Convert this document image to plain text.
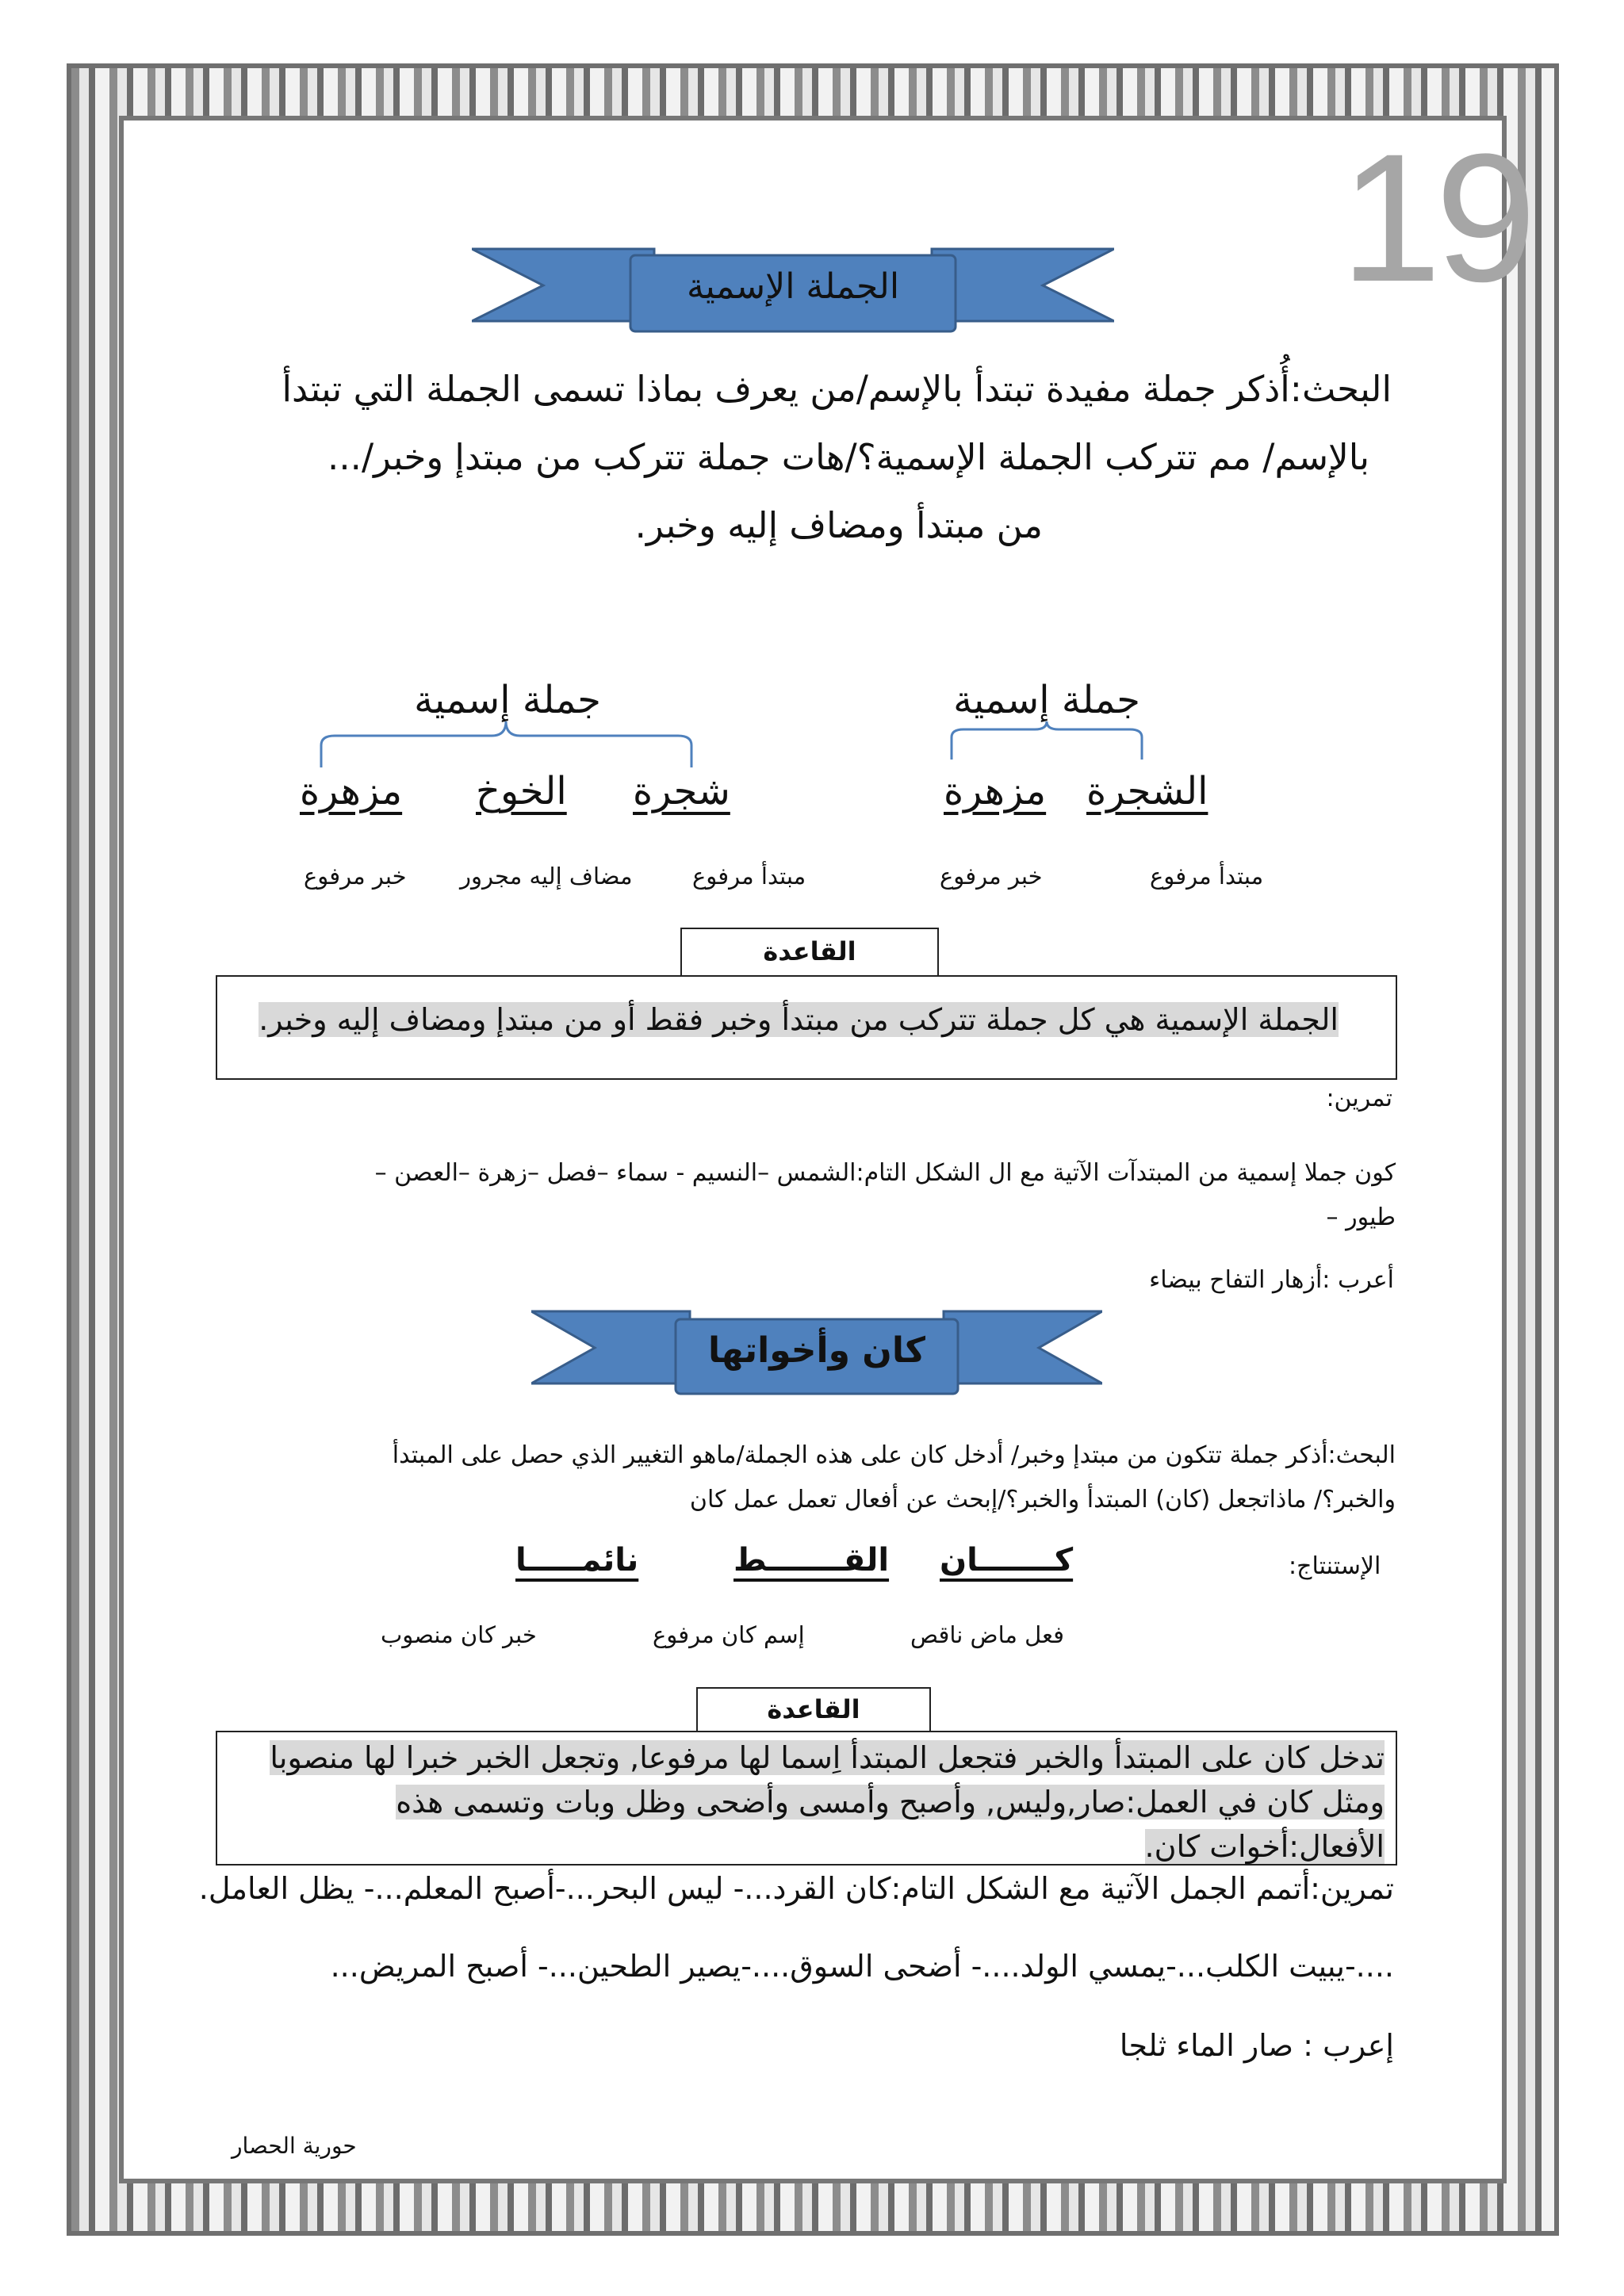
19
الجملة الإسمية
البحث:أُذكر جملة مفيدة تبتدأ بالإسم/من يعرف بماذا تسمى الجملة التي تبتدأ
بالإسم/ مم تتركب الجملة الإسمية؟/هات جملة تتركب من مبتدإ وخبر/...
من مبتدأ ومضاف إليه وخبر.
جملة إسمية
الشجرة
مزهرة
مبتدأ مرفوع
خبر مرفوع
جملة إسمية
شجرة
الخوخ
مزهرة
مبتدأ مرفوع
مضاف إليه مجرور
خبر مرفوع
القاعدة
الجملة الإسمية هي كل جملة تتركب من مبتدأ وخبر فقط أو من مبتدإ ومضاف إليه وخبر.
تمرين:
كون جملا إسمية من المبتدآت الآتية مع ال الشكل التام:الشمس –النسيم - سماء –فصل –زهرة –العصن –
طيور –
أعرب :أزهار التفاح بيضاء
كان وأخواتها
البحث:أذكر جملة تتكون من مبتدإ وخبر/ أدخل كان على هذه الجملة/ماهو التغيير الذي حصل على المبتدأ
والخبر؟/ ماذاتجعل (كان) المبتدأ والخبر؟/إبحث عن أفعال تعمل عمل كان
الإستنتاج:
كـــــــان
القـــــــط
نائمـــــا
فعل ماض ناقص
إسم كان مرفوع
خبر كان منصوب
القاعدة
تدخل كان على المبتدأ والخبر فتجعل المبتدأ اِسما لها مرفوعا, وتجعل الخبر خبرا لها منصوبا
ومثل كان في العمل:صار,وليس, وأصبح وأمسى وأضحى وظل وبات وتسمى هذه
الأفعال:أخوات كان.
تمرين:أتمم الجمل الآتية مع الشكل التام:كان القرد...- ليس البحر...-أصبح المعلم...- يظل العامل.
....-يبيت الكلب...-يمسي الولد....- أضحى السوق....-يصير الطحين...- أصبح المريض...
إعرب : صار الماء ثلجا
حورية الحصار
